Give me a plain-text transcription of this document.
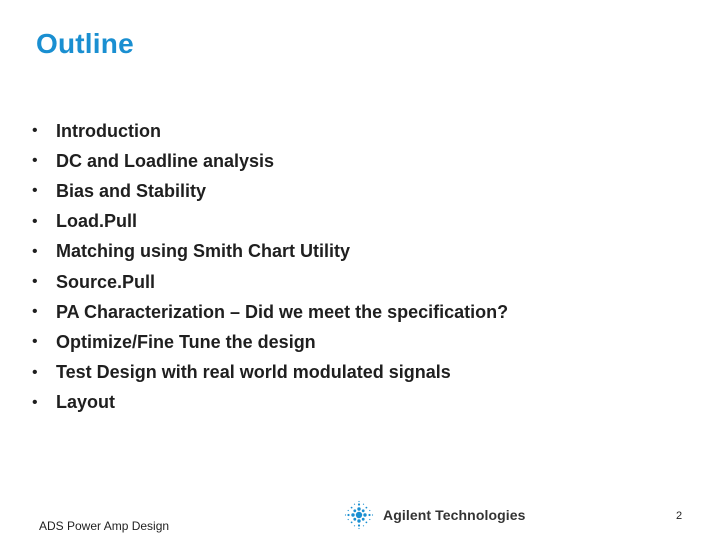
Outline
•	Introduction
•	DC and Loadline analysis
•	Bias and Stability
•	Load.Pull
•	Matching using Smith Chart Utility
•	Source.Pull
•	PA Characterization – Did we meet the specification?
•	Optimize/Fine Tune the design
•	Test Design with real world modulated signals
•	Layout
ADS Power Amp Design
Agilent Technologies	2
